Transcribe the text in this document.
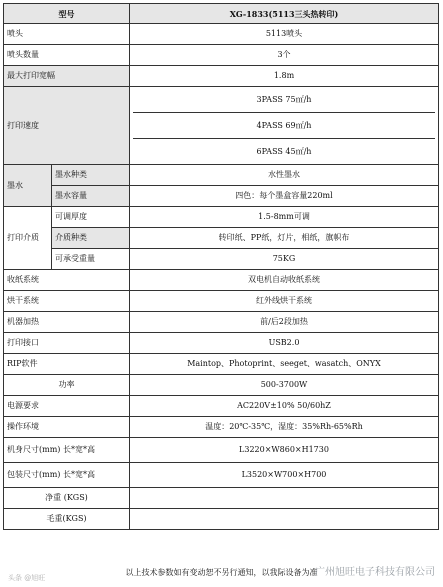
型号		XG-1833(5113三头热转印)
喷头		5113喷头
喷头数量		3个
最大打印宽幅		1.8m
打印速度		3PASS 75㎡/h
4PASS 69㎡/h
6PASS 45㎡/h

墨水	墨水种类	水性墨水
	墨水容量	四色：每个墨盒容量220ml
打印介质	可调厚度	1.5-8mm可调
	介质种类	转印纸、PP纸，灯片，相纸，旗帜布
	可承受重量	75KG
收纸系统		双电机自动收纸系统
烘干系统		红外线烘干系统
机器加热		前/后2段加热
打印接口		USB2.0
RIP软件		Maintop、Photoprint、seeget、wasatch、ONYX
功率		500-3700W
电源要求		AC220V±10% 50/60hZ
操作环境		温度：20℃-35℃，湿度：35%Rh-65%Rh
机身尺寸(mm) 长*宽*高		L3220×W860×H1730
包装尺寸(mm) 长*宽*高		L3520×W700×H700
净重 (KGS)		
毛重(KGS)		
以上技术参数如有变动恕不另行通知，以我际设备为准
广州旭旺电子科技有限公司
头条 @旭旺
